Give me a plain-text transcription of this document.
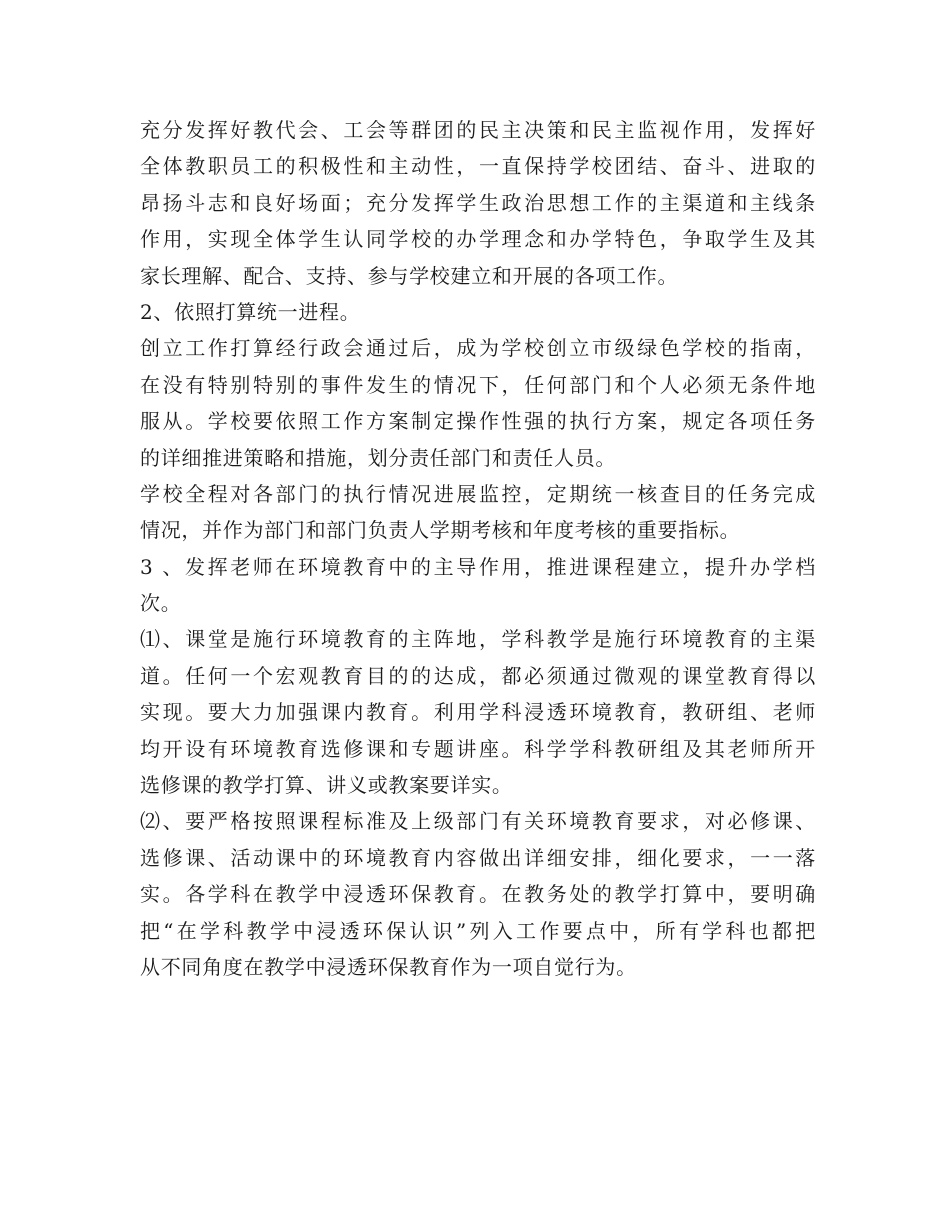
充分发挥好教代会、工会等群团的民主决策和民主监视作用，发挥好
全体教职员工的积极性和主动性，一直保持学校团结、奋斗、进取的
昂扬斗志和良好场面；充分发挥学生政治思想工作的主渠道和主线条
作用，实现全体学生认同学校的办学理念和办学特色，争取学生及其
家长理解、配合、支持、参与学校建立和开展的各项工作。
2、依照打算统一进程。
创立工作打算经行政会通过后，成为学校创立市级绿色学校的指南，
在没有特别特别的事件发生的情况下，任何部门和个人必须无条件地
服从。学校要依照工作方案制定操作性强的执行方案，规定各项任务
的详细推进策略和措施，划分责任部门和责任人员。
学校全程对各部门的执行情况进展监控，定期统一核查目的任务完成
情况，并作为部门和部门负责人学期考核和年度考核的重要指标。
3 、发挥老师在环境教育中的主导作用，推进课程建立，提升办学档
次。
⑴、课堂是施行环境教育的主阵地，学科教学是施行环境教育的主渠
道。任何一个宏观教育目的的达成，都必须通过微观的课堂教育得以
实现。要大力加强课内教育。利用学科浸透环境教育，教研组、老师
均开设有环境教育选修课和专题讲座。科学学科教研组及其老师所开
选修课的教学打算、讲义或教案要详实。
⑵、要严格按照课程标准及上级部门有关环境教育要求，对必修课、
选修课、活动课中的环境教育内容做出详细安排，细化要求，一一落
实。各学科在教学中浸透环保教育。在教务处的教学打算中，要明确
把“在学科教学中浸透环保认识”列入工作要点中，所有学科也都把
从不同角度在教学中浸透环保教育作为一项自觉行为。
